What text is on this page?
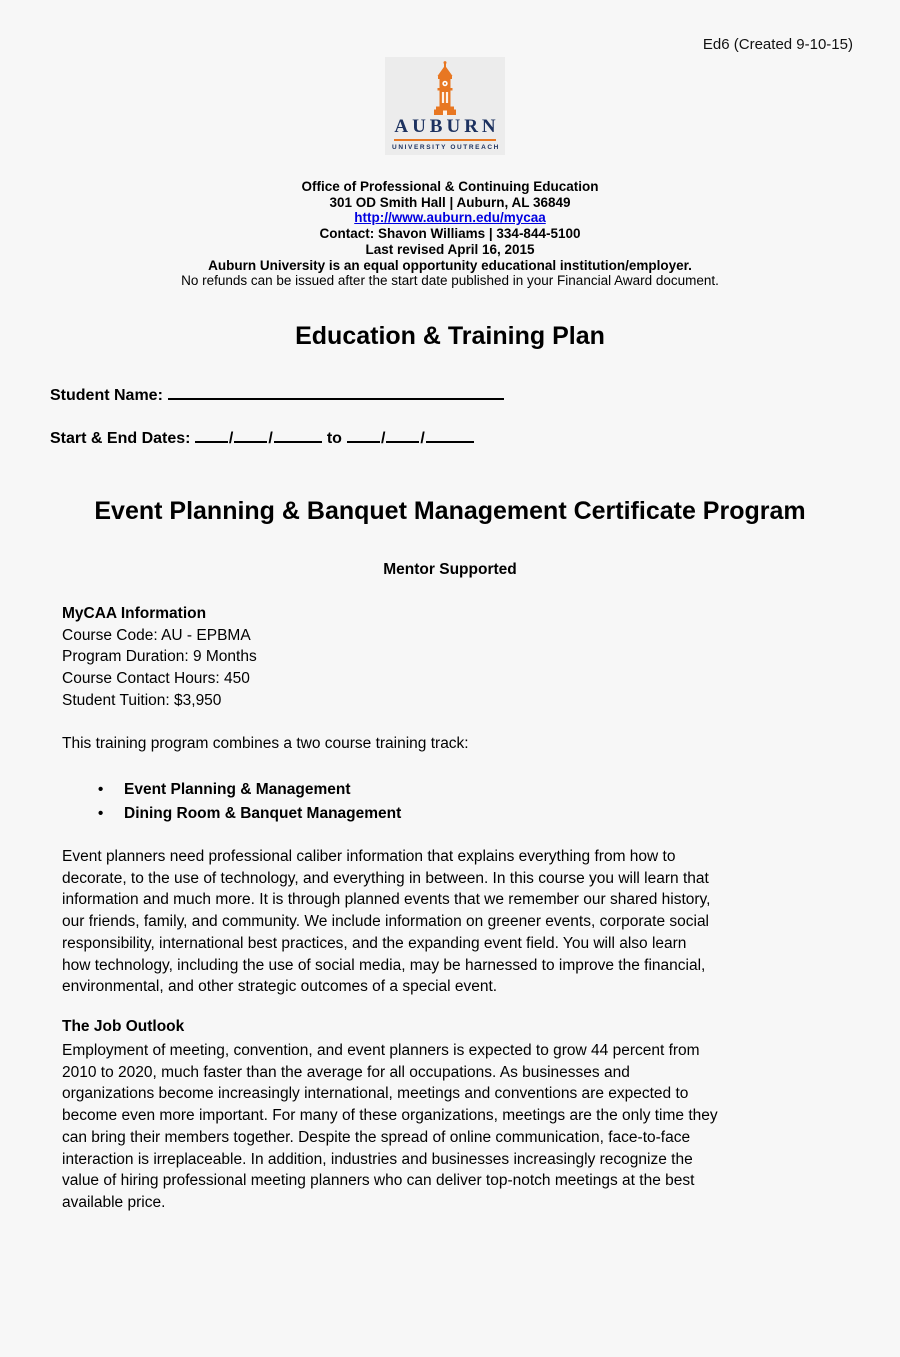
Ed6 (Created 9-10-15)
AUBURN
UNIVERSITY OUTREACH
Office of Professional & Continuing Education
301 OD Smith Hall | Auburn, AL 36849
http://www.auburn.edu/mycaa
Contact: Shavon Williams | 334-844-5100
Last revised April 16, 2015
Auburn University is an equal opportunity educational institution/employer.
No refunds can be issued after the start date published in your Financial Award document.
Education & Training Plan
Student Name:
Start & End Dates: / /	to / /
Event Planning & Banquet Management Certificate Program
Mentor Supported
MyCAA Information
Course Code: AU - EPBMA
Program Duration: 9 Months
Course Contact Hours: 450
Student Tuition: $3,950
This training program combines a two course training track:
• Event Planning & Management
• Dining Room & Banquet Management
Event planners need professional caliber information that explains everything from how to
decorate, to the use of technology, and everything in between. In this course you will learn that
information and much more. It is through planned events that we remember our shared history,
our friends, family, and community. We include information on greener events, corporate social
responsibility, international best practices, and the expanding event field. You will also learn
how technology, including the use of social media, may be harnessed to improve the financial,
environmental, and other strategic outcomes of a special event.
The Job Outlook
Employment of meeting, convention, and event planners is expected to grow 44 percent from
2010 to 2020, much faster than the average for all occupations. As businesses and
organizations become increasingly international, meetings and conventions are expected to
become even more important. For many of these organizations, meetings are the only time they
can bring their members together. Despite the spread of online communication, face-to-face
interaction is irreplaceable. In addition, industries and businesses increasingly recognize the
value of hiring professional meeting planners who can deliver top-notch meetings at the best
available price.
